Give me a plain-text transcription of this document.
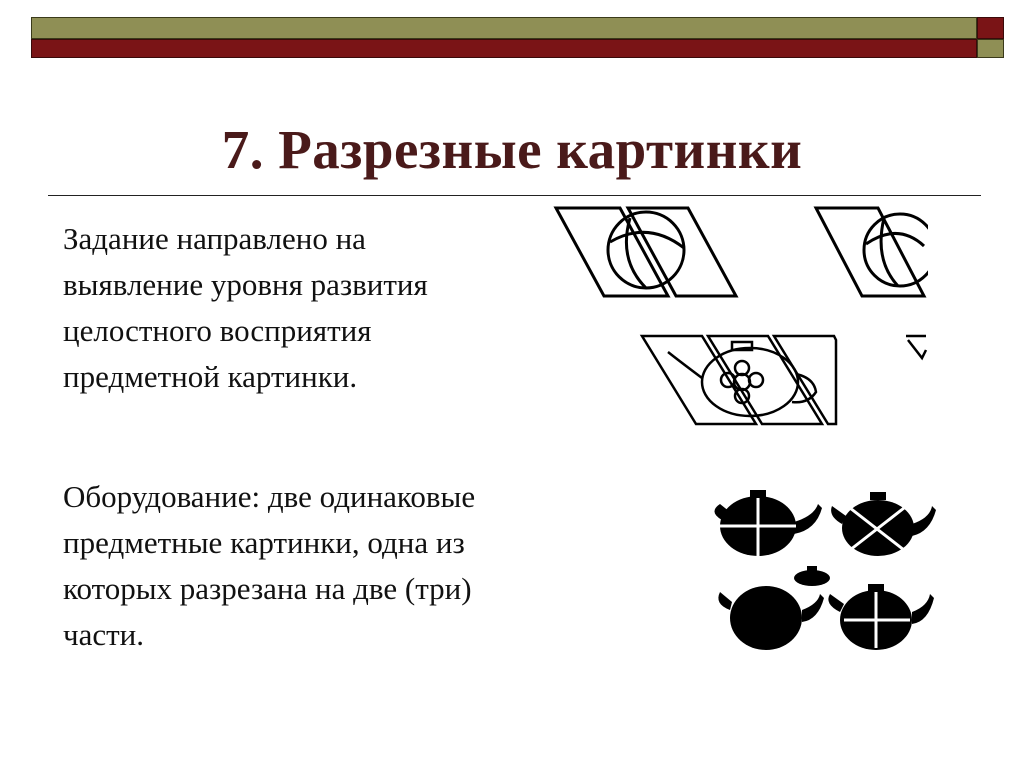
7. Разрезные картинки
Задание направлено на
выявление уровня развития
целостного восприятия
предметной картинки.
Оборудование: две одинаковые
предметные картинки, одна из
которых разрезана на две (три)
части.
